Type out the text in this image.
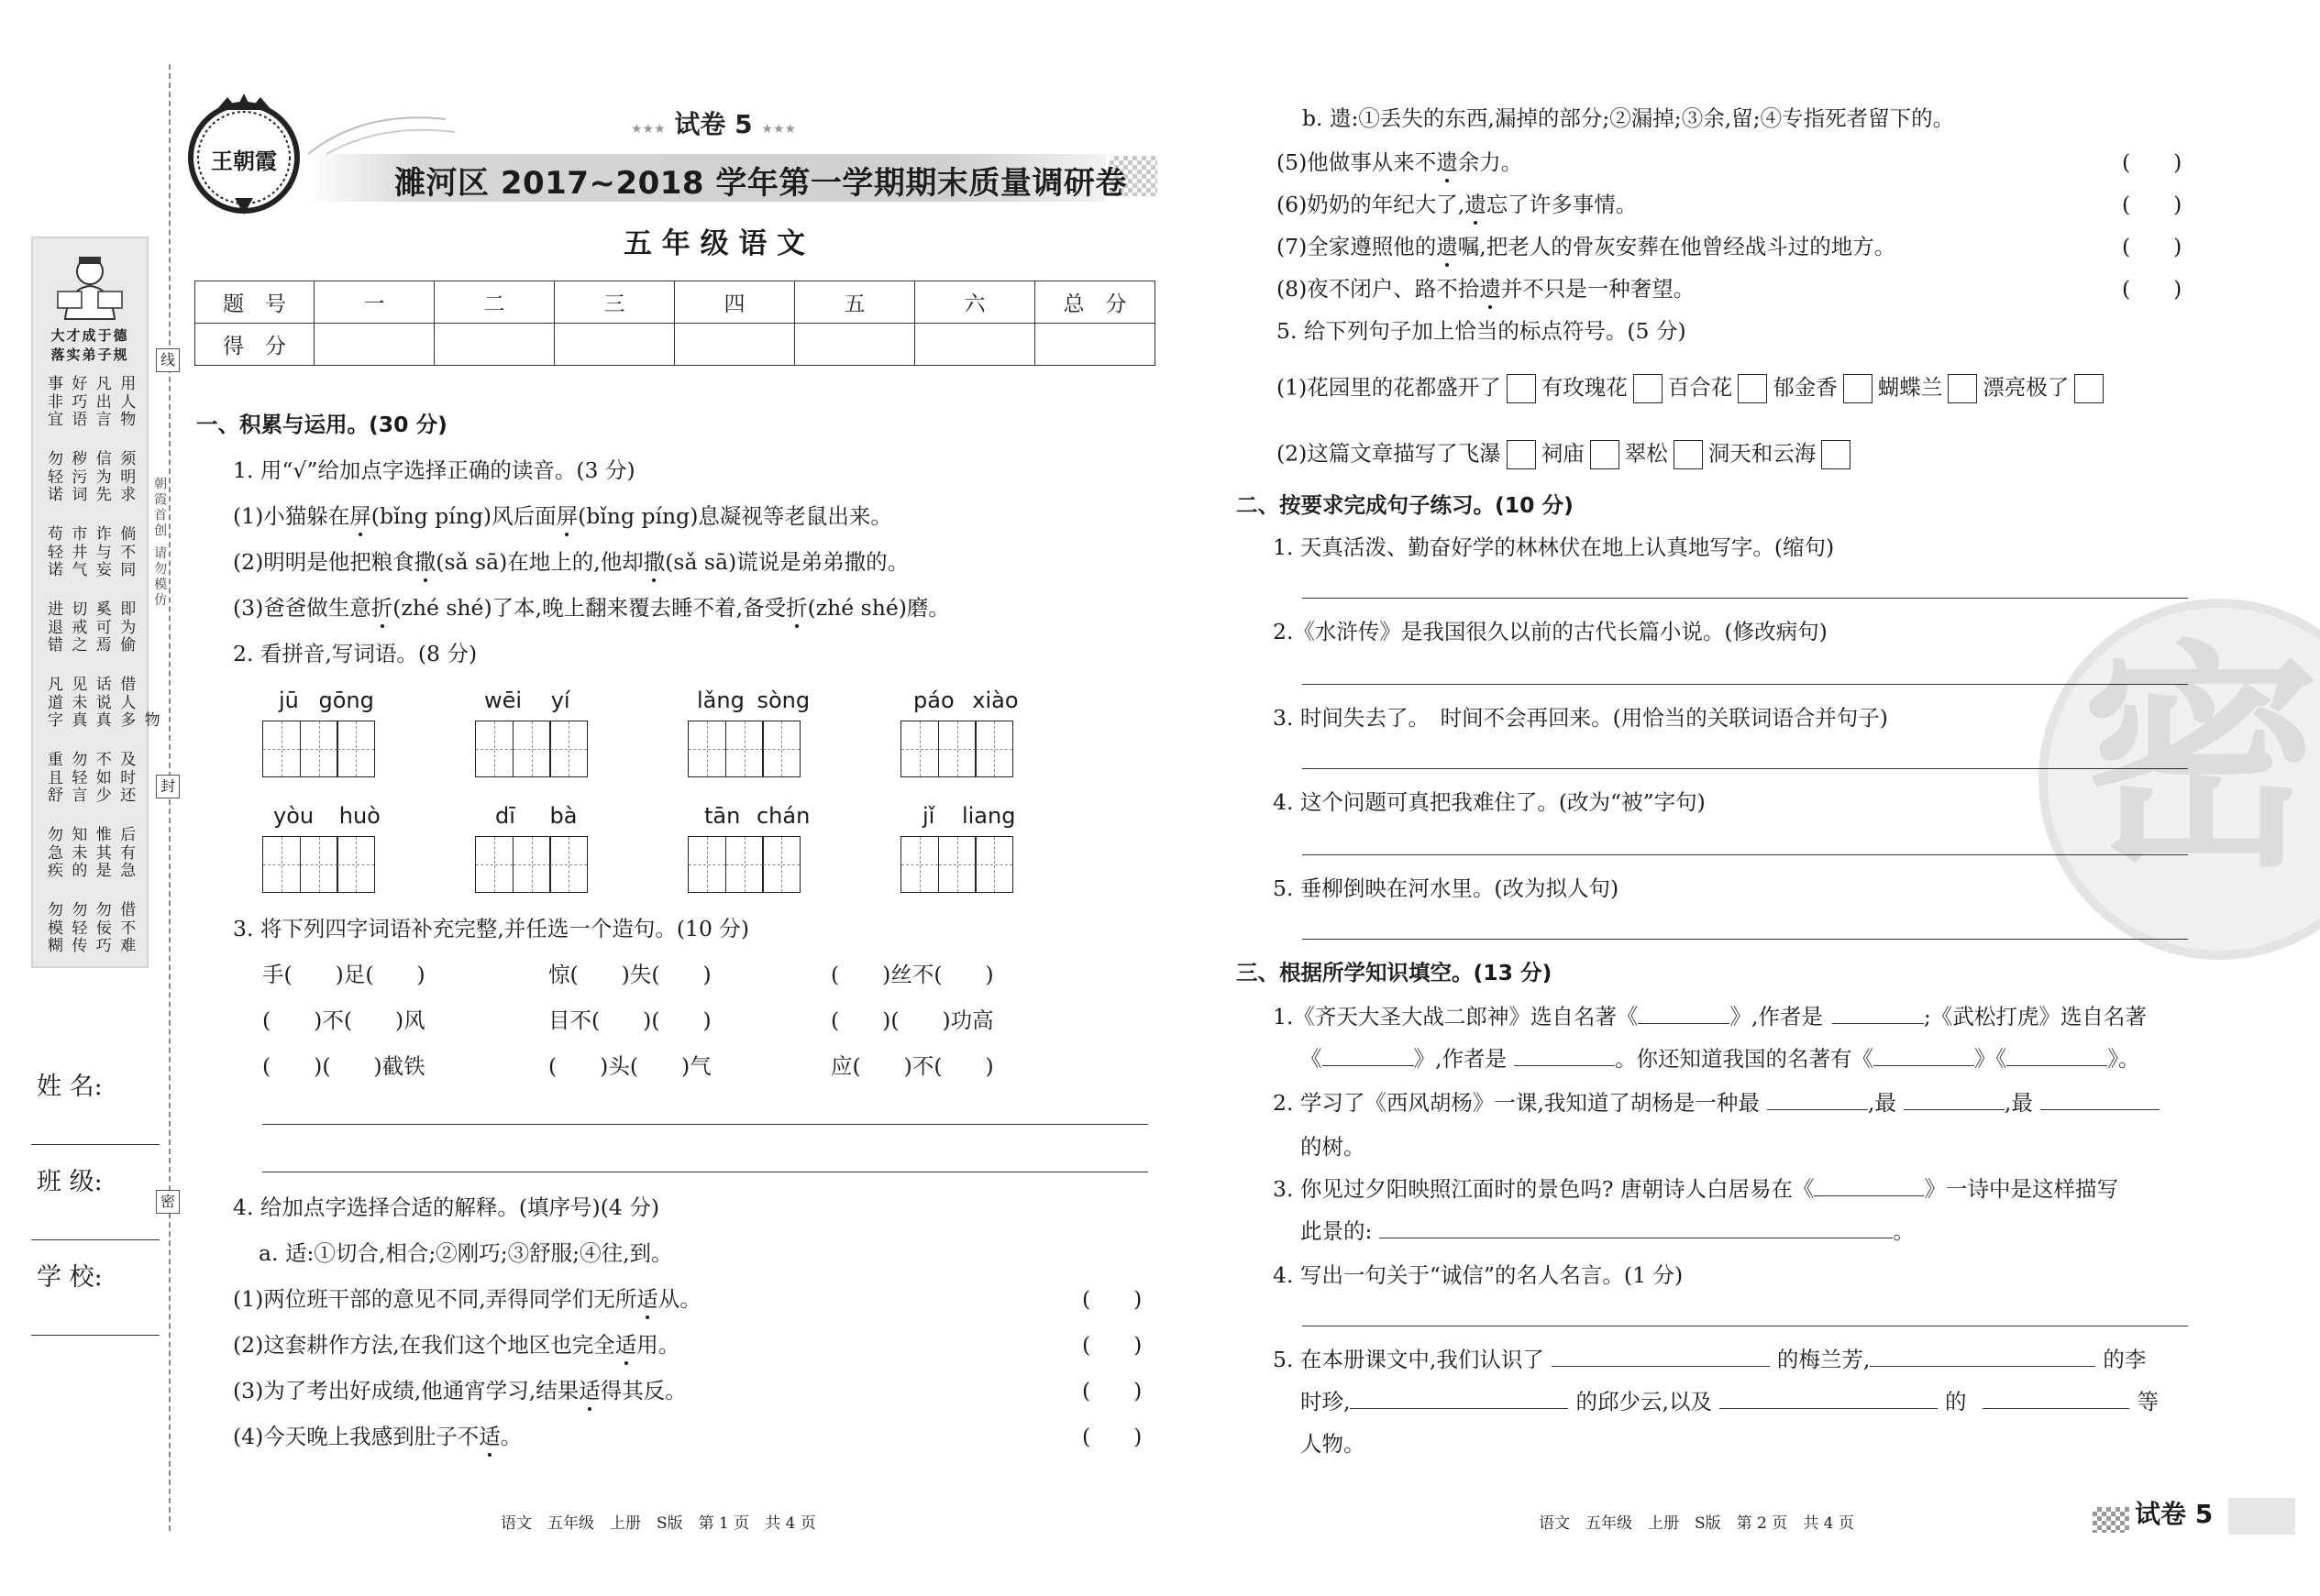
大才成于德
落实弟子规
事 好 凡 用
非 巧 出 人
宜 语 言 物
勿 秽 信 须
轻 污 为 明
诺 词 先 求
苟 市 诈 倘
轻 井 与 不
诺 气 妄 同
进 切 奚 即
退 戒 可 为
错 之 焉 偷
凡 见 话 借
道 未 说 人
字 真 真 多 物
重 勿 不 及
且 轻 如 时
舒 言 少 还
勿 知 惟 后
急 未 其 有
疾 的 是 急
勿 勿 勿 借
模 轻 佞 不
糊 传 巧 难
朝霞首创 请勿模仿
线
封
密
姓 名:
班 级:
学 校:
王朝霞
★★★ 试卷 5 ★★★
濉河区 2017~2018 学年第一学期期末质量调研卷
五 年 级 语 文
题　号	一	二	三	四	五	六	总　分
得　分							
一、积累与运用。(30 分)
1. 用“√”给加点字选择正确的读音。(3 分)
(1)小猫躲在屏(bǐng píng)风后面屏(bǐng píng)息凝视等老鼠出来。
(2)明明是他把粮食撒(sǎ sā)在地上的,他却撒(sǎ sā)谎说是弟弟撒的。
(3)爸爸做生意折(zhé shé)了本,晚上翻来覆去睡不着,备受折(zhé shé)磨。
2. 看拼音,写词语。(8 分)
jū gōng	wēi yí	lǎng sòng	páo xiào
yòu huò	dī bà	tān chán	jǐ liang
3. 将下列四字词语补充完整,并任选一个造句。(10 分)
手(　　)足(　　)	惊(　　)失(　　)	(　　)丝不(　　)
(　　)不(　　)风	目不(　　)(　　)	(　　)(　　)功高
(　　)(　　)截铁	(　　)头(　　)气	应(　　)不(　　)
4. 给加点字选择合适的解释。(填序号)(4 分)
a. 适:①切合,相合;②刚巧;③舒服;④往,到。
(1)两位班干部的意见不同,弄得同学们无所适从。	(　　)
(2)这套耕作方法,在我们这个地区也完全适用。	(　　)
(3)为了考出好成绩,他通宵学习,结果适得其反。	(　　)
(4)今天晚上我感到肚子不适。	(　　)
语文　五年级　上册　S版　第 1 页　共 4 页
密
b. 遗:①丢失的东西,漏掉的部分;②漏掉;③余,留;④专指死者留下的。
(5)他做事从来不遗余力。	(　　)
(6)奶奶的年纪大了,遗忘了许多事情。	(　　)
(7)全家遵照他的遗嘱,把老人的骨灰安葬在他曾经战斗过的地方。	(　　)
(8)夜不闭户、路不拾遗并不只是一种奢望。	(　　)
5. 给下列句子加上恰当的标点符号。(5 分)
(1)花园里的花都盛开了 有玫瑰花 百合花 郁金香 蝴蝶兰 漂亮极了
(2)这篇文章描写了飞瀑 祠庙 翠松 洞天和云海
二、按要求完成句子练习。(10 分)
1. 天真活泼、勤奋好学的林林伏在地上认真地写字。(缩句)
2.《水浒传》是我国很久以前的古代长篇小说。(修改病句)
3. 时间失去了。　时间不会再回来。(用恰当的关联词语合并句子)
4. 这个问题可真把我难住了。(改为“被”字句)
5. 垂柳倒映在河水里。(改为拟人句)
三、根据所学知识填空。(13 分)
1.《齐天大圣大战二郎神》选自名著《	》,作者是	;《武松打虎》选自名著
《	》,作者是	。你还知道我国的名著有《	》《	》。
2. 学习了《西风胡杨》一课,我知道了胡杨是一种最	,最	,最
的树。
3. 你见过夕阳映照江面时的景色吗? 唐朝诗人白居易在《	》一诗中是这样描写
此景的:	。
4. 写出一句关于“诚信”的名人名言。(1 分)
5. 在本册课文中,我们认识了	的梅兰芳,	的李
时珍,	的邱少云,以及	的	等
人物。
语文　五年级　上册　S版　第 2 页　共 4 页	试卷 5
